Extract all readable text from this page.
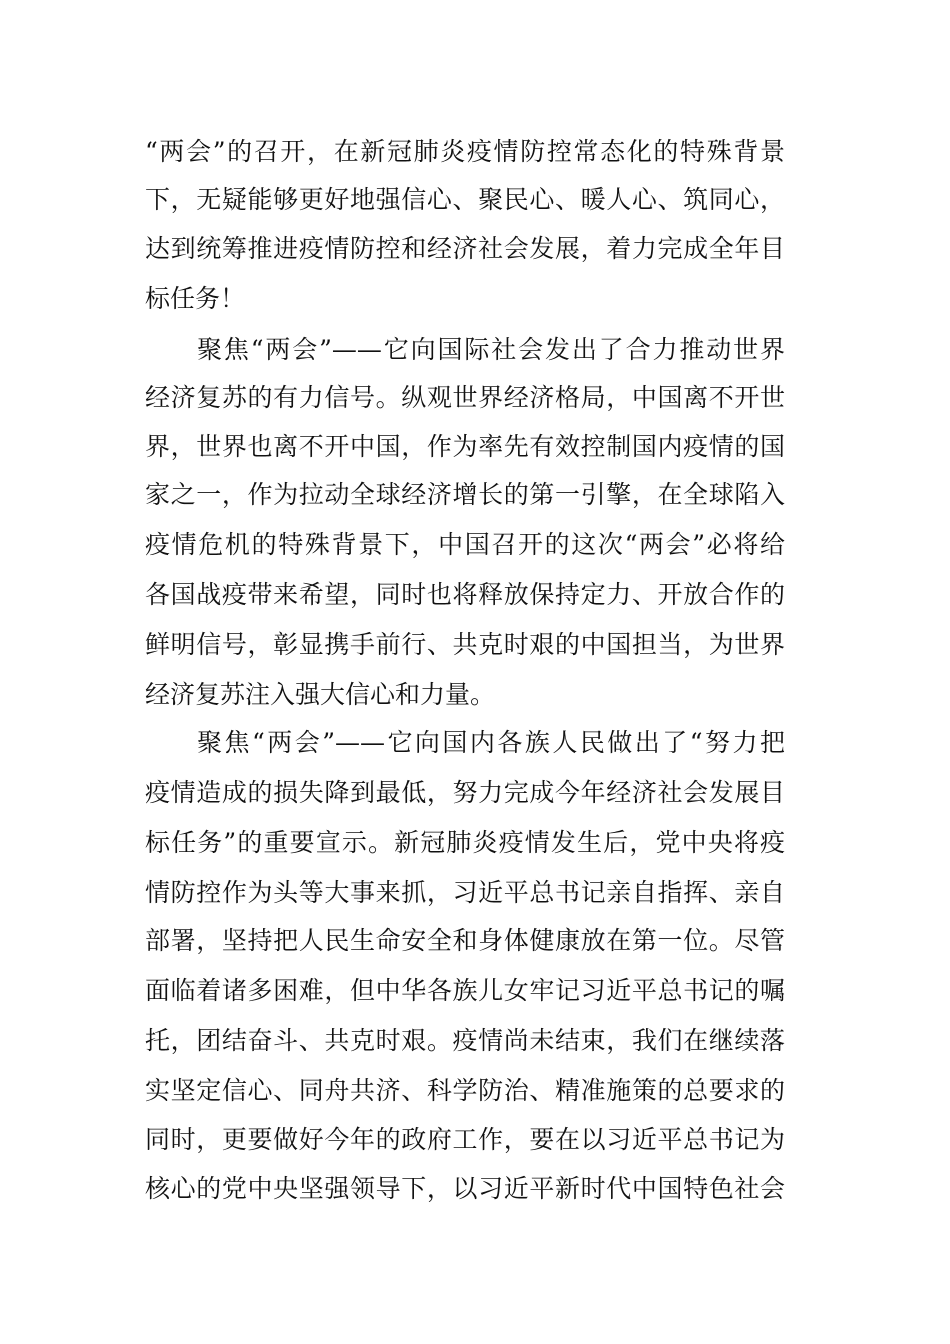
“两会”的召开，在新冠肺炎疫情防控常态化的特殊背景
下，无疑能够更好地强信心、聚民心、暖人心、筑同心，
达到统筹推进疫情防控和经济社会发展，着力完成全年目
标任务！
聚焦“两会”——它向国际社会发出了合力推动世界
经济复苏的有力信号。纵观世界经济格局，中国离不开世
界，世界也离不开中国，作为率先有效控制国内疫情的国
家之一，作为拉动全球经济增长的第一引擎，在全球陷入
疫情危机的特殊背景下，中国召开的这次“两会”必将给
各国战疫带来希望，同时也将释放保持定力、开放合作的
鲜明信号，彰显携手前行、共克时艰的中国担当，为世界
经济复苏注入强大信心和力量。
聚焦“两会”——它向国内各族人民做出了“努力把
疫情造成的损失降到最低，努力完成今年经济社会发展目
标任务”的重要宣示。新冠肺炎疫情发生后，党中央将疫
情防控作为头等大事来抓，习近平总书记亲自指挥、亲自
部署，坚持把人民生命安全和身体健康放在第一位。尽管
面临着诸多困难，但中华各族儿女牢记习近平总书记的嘱
托，团结奋斗、共克时艰。疫情尚未结束，我们在继续落
实坚定信心、同舟共济、科学防治、精准施策的总要求的
同时，更要做好今年的政府工作，要在以习近平总书记为
核心的党中央坚强领导下，以习近平新时代中国特色社会
